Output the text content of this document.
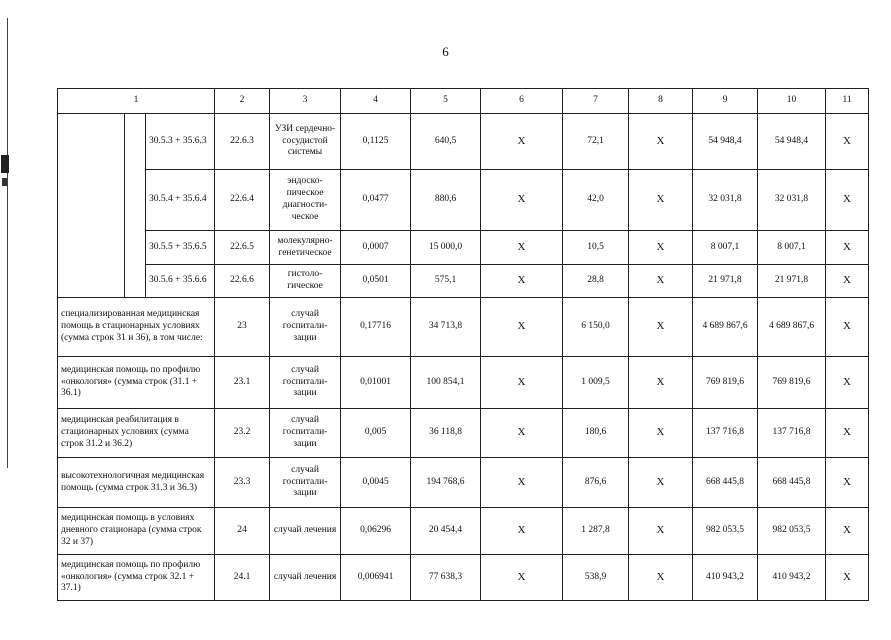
6
1			2	3	4	5	6	7	8	9	10	11
		30.5.3 + 35.6.3	22.6.3	УЗИ сердечно-сосудистой системы	0,1125	640,5	Х	72,1	Х	54 948,4	54 948,4	Х
		30.5.4 + 35.6.4	22.6.4	эндоско-пическое диагности-ческое	0,0477	880,6	Х	42,0	Х	32 031,8	32 031,8	Х
		30.5.5 + 35.6.5	22.6.5	молекулярно-генетическое	0,0007	15 000,0	Х	10,5	Х	8 007,1	8 007,1	Х
		30.5.6 + 35.6.6	22.6.6	гистоло-гическое	0,0501	575,1	Х	28,8	Х	21 971,8	21 971,8	Х
специализированная медицинская помощь в стационарных условиях (сумма строк 31 и 36), в том числе:			23	случай госпитали-зации	0,17716	34 713,8	Х	6 150,0	Х	4 689 867,6	4 689 867,6	Х
медицинская помощь по профилю «онкология» (сумма строк (31.1 + 36.1)			23.1	случай госпитали-зации	0,01001	100 854,1	Х	1 009,5	Х	769 819,6	769 819,6	Х
медицинская реабилитация в стационарных условиях (сумма строк 31.2 и 36.2)			23.2	случай госпитали-зации	0,005	36 118,8	Х	180,6	Х	137 716,8	137 716,8	Х
высокотехнологичная медицинская помощь (сумма строк 31.3 и 36.3)			23.3	случай госпитали-зации	0,0045	194 768,6	Х	876,6	Х	668 445,8	668 445,8	Х
медицинская помощь в условиях дневного стационара (сумма строк 32 и 37)			24	случай лечения	0,06296	20 454,4	Х	1 287,8	Х	982 053,5	982 053,5	Х
медицинская помощь по профилю «онкология» (сумма строк 32.1 + 37.1)			24.1	случай лечения	0,006941	77 638,3	Х	538,9	Х	410 943,2	410 943,2	Х
